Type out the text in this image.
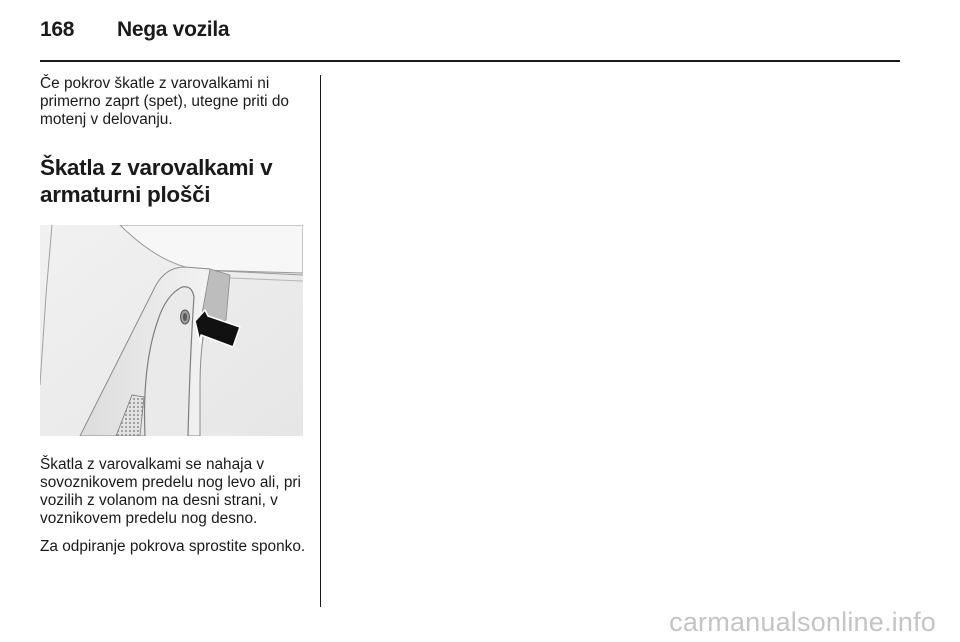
168 Nega vozila

Če pokrov škatle z varovalkami ni primerno zaprt (spet), utegne priti do motenj v delovanju.

Škatla z varovalkami v armaturni plošči

Škatla z varovalkami se nahaja v sovoznikovem predelu nog levo ali, pri vozilih z volanom na desni strani, v voznikovem predelu nog desno.

Za odpiranje pokrova sprostite sponko.

carmanualsonline.info
